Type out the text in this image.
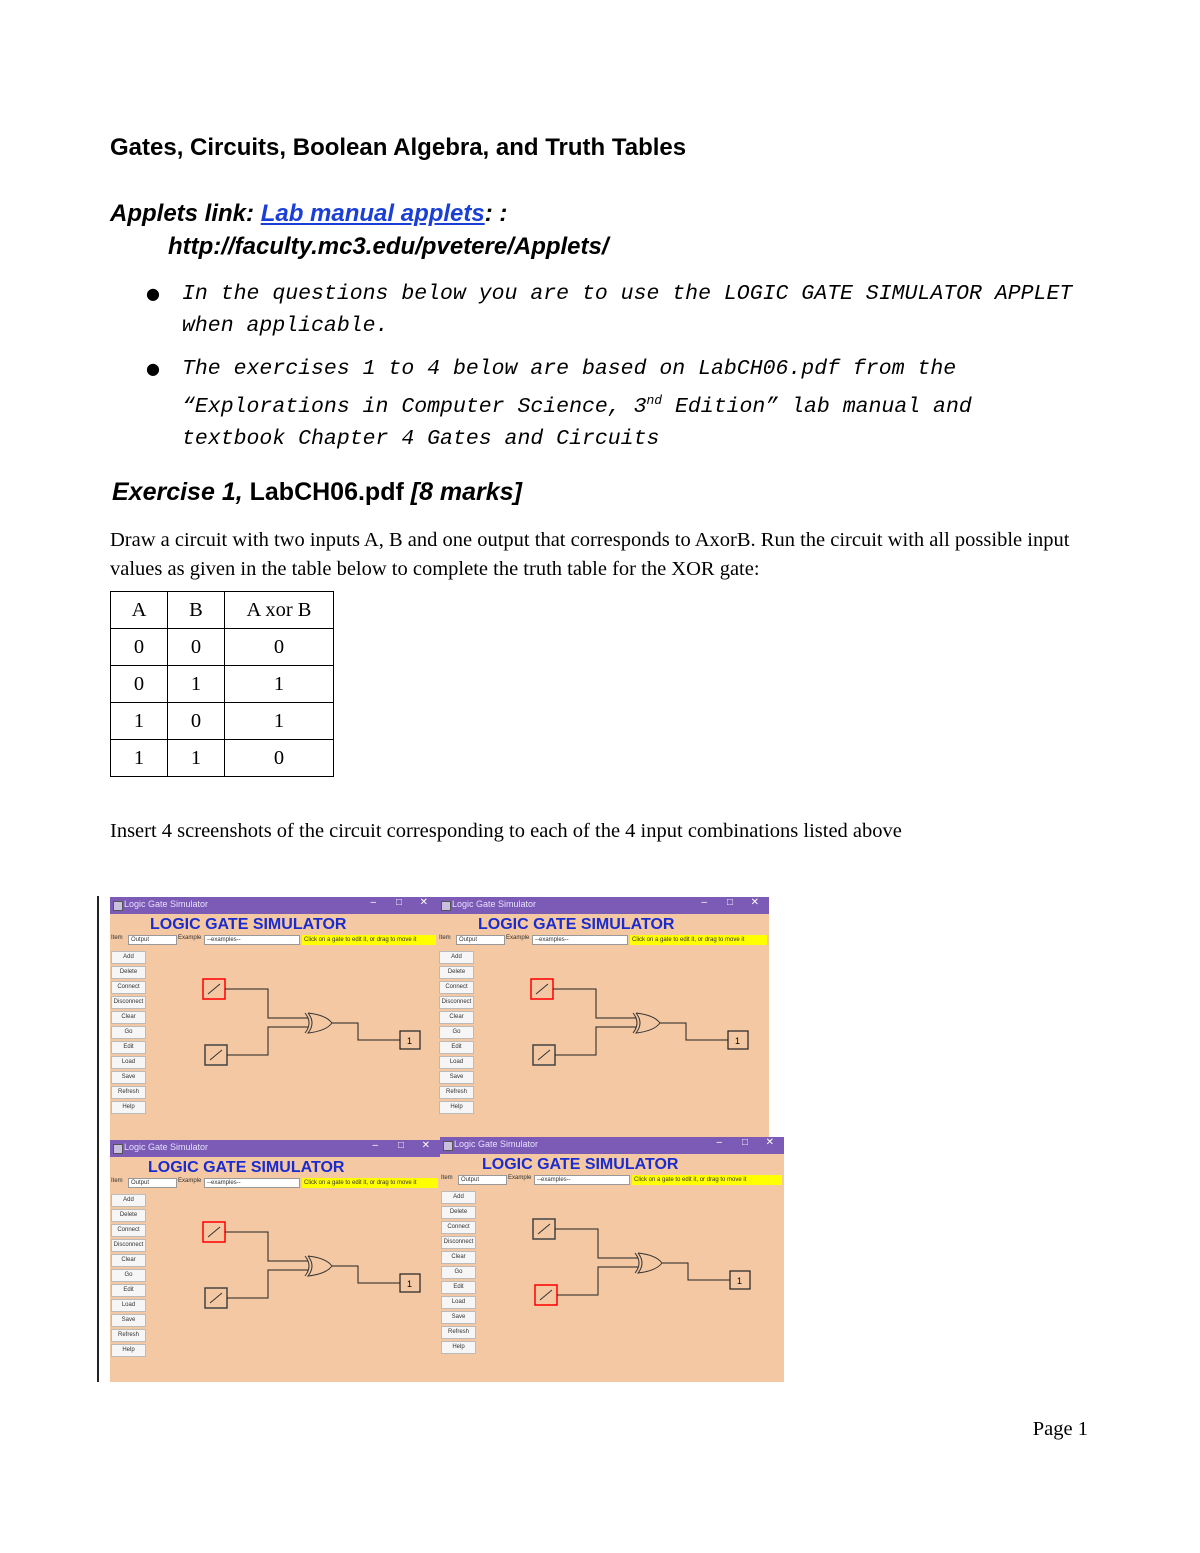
Gates, Circuits, Boolean Algebra, and Truth Tables
Applets link: Lab manual applets: :
http://faculty.mc3.edu/pvetere/Applets/
● In the questions below you are to use the LOGIC GATE SIMULATOR APPLET when applicable.
● The exercises 1 to 4 below are based on LabCH06.pdf from the “Explorations in Computer Science, 3nd Edition” lab manual and textbook Chapter 4 Gates and Circuits
Exercise 1, LabCH06.pdf [8 marks]
Draw a circuit with two inputs A, B and one output that corresponds to AxorB. Run the circuit with all possible input values as given in the table below to complete the truth table for the XOR gate:
A	B	A xor B
0	0	0
0	1	1
1	0	1
1	1	0
Insert 4 screenshots of the circuit corresponding to each of the 4 input combinations listed above
Logic Gate Simulator	– □ ✕
LOGIC GATE SIMULATOR
Item	Output	Example --examples--	Click on a gate to edit it, or drag to move it
Add
Delete
Connect
Disconnect
Clear
Go
Edit
Load
Save
Refresh
Help
1
Logic Gate Simulator	– □ ✕
LOGIC GATE SIMULATOR
Item	Output	Example --examples--	Click on a gate to edit it, or drag to move it
Add
Delete
Connect
Disconnect
Clear
Go
Edit
Load
Save
Refresh
Help
1
Logic Gate Simulator	– □ ✕
LOGIC GATE SIMULATOR
Item	Output	Example --examples--	Click on a gate to edit it, or drag to move it
Add
Delete
Connect
Disconnect
Clear
Go
Edit
Load
Save
Refresh
Help
1
Logic Gate Simulator	– □ ✕
LOGIC GATE SIMULATOR
Item	Output	Example --examples--	Click on a gate to edit it, or drag to move it
Add
Delete
Connect
Disconnect
Clear
Go
Edit
Load
Save
Refresh
Help
1
Page 1
